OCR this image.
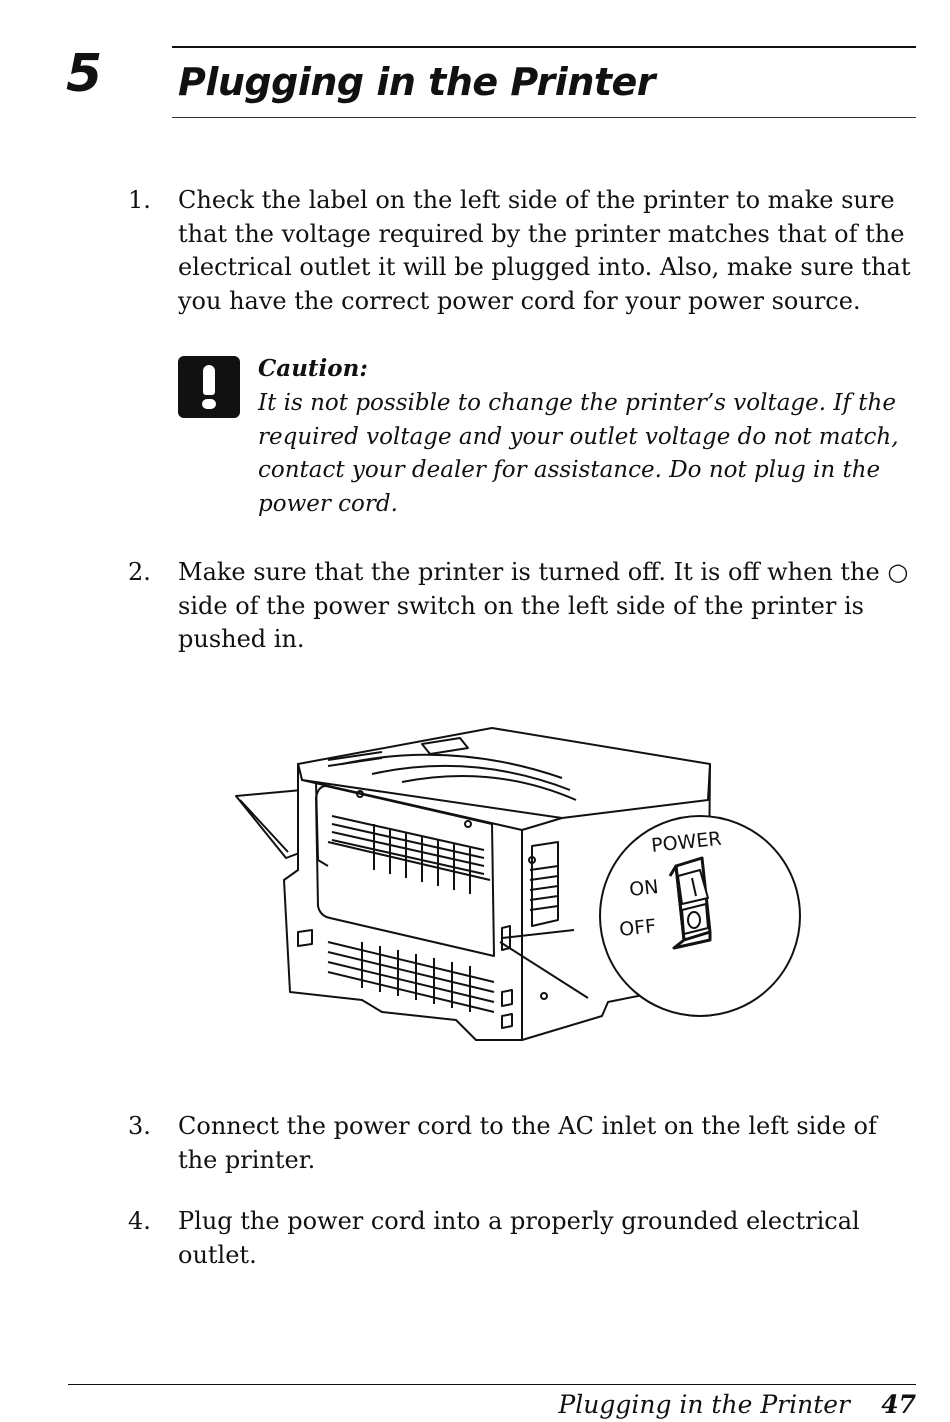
5 Plugging in the Printer
1. Check the label on the left side of the printer to make sure that the voltage required by the printer matches that of the electrical outlet it will be plugged into. Also, make sure that you have the correct power cord for your power source.
Caution:
It is not possible to change the printer’s voltage. If the required voltage and your outlet voltage do not match, contact your dealer for assistance. Do not plug in the power cord.
2. Make sure that the printer is turned off. It is off when the ○ side of the power switch on the left side of the printer is pushed in.
POWER
ON
OFF
3. Connect the power cord to the AC inlet on the left side of the printer.
4. Plug the power cord into a properly grounded electrical outlet.
Plugging in the Printer 47
